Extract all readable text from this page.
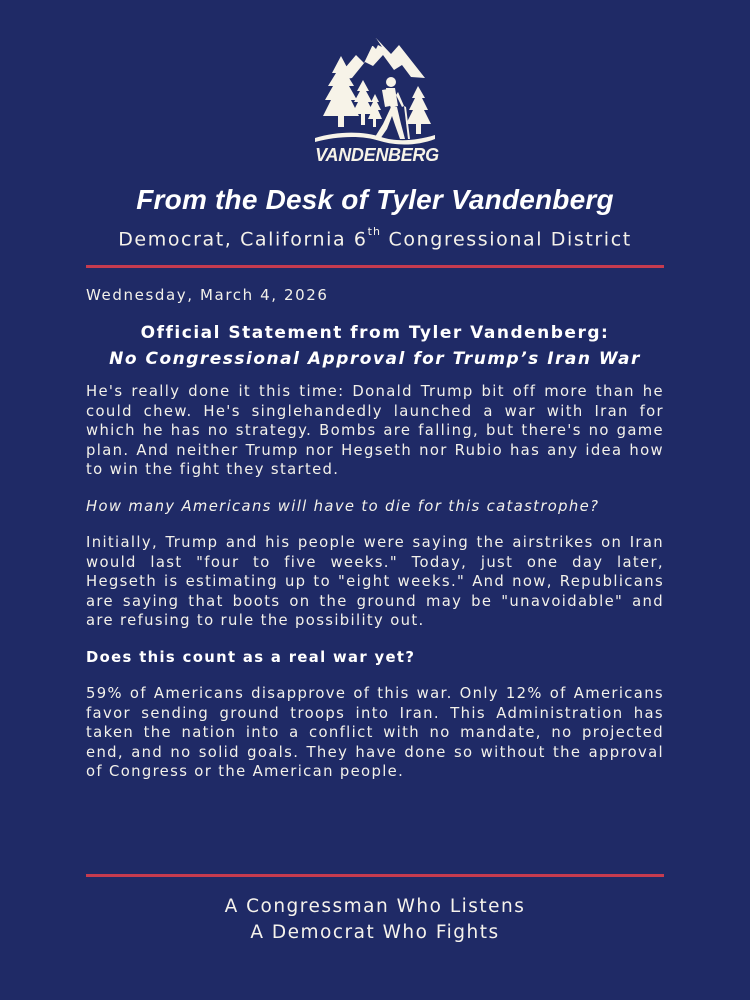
VANDENBERG
From the Desk of Tyler Vandenberg
Democrat, California 6th Congressional District
Wednesday, March 4, 2026
Official Statement from Tyler Vandenberg:
No Congressional Approval for Trump’s Iran War

He's really done it this time: Donald Trump bit off more than he could chew. He's singlehandedly launched a war with Iran for which he has no strategy. Bombs are falling, but there's no game plan. And neither Trump nor Hegseth nor Rubio has any idea how to win the fight they started.

How many Americans will have to die for this catastrophe?

Initially, Trump and his people were saying the airstrikes on Iran would last "four to five weeks." Today, just one day later, Hegseth is estimating up to "eight weeks." And now, Republicans are saying that boots on the ground may be "unavoidable" and are refusing to rule the possibility out.

Does this count as a real war yet?

59% of Americans disapprove of this war. Only 12% of Americans favor sending ground troops into Iran. This Administration has taken the nation into a conflict with no mandate, no projected end, and no solid goals. They have done so without the approval of Congress or the American people.

A Congressman Who Listens
A Democrat Who Fights
